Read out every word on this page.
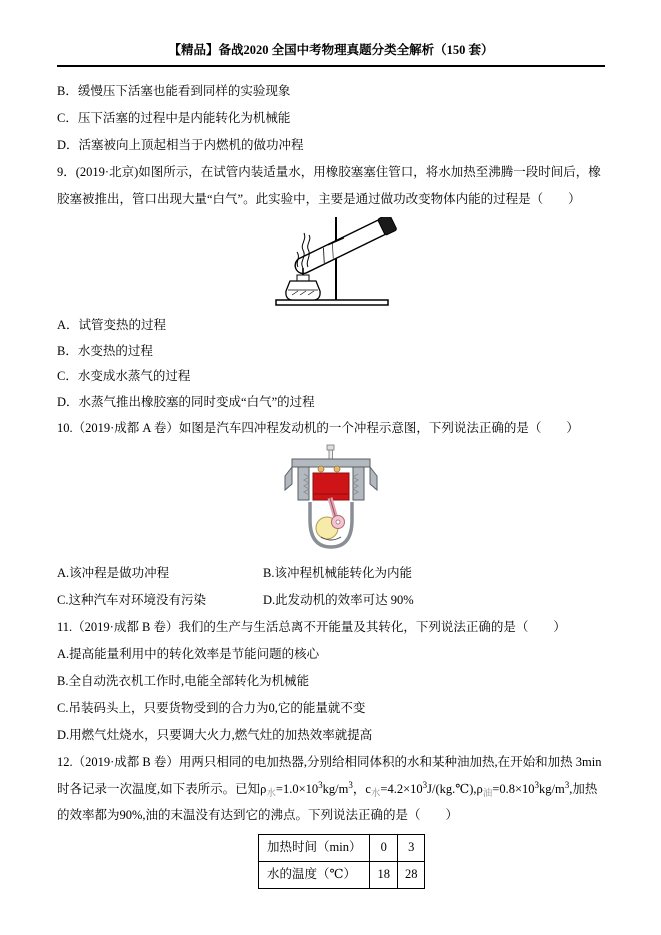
【精品】备战2020 全国中考物理真题分类全解析（150 套）

B．缓慢压下活塞也能看到同样的实验现象

C．压下活塞的过程中是内能转化为机械能

D．活塞被向上顶起相当于内燃机的做功冲程

9．(2019·北京)如图所示，在试管内装适量水，用橡胶塞塞住管口，将水加热至沸腾一段时间后，橡胶塞被推出，管口出现大量“白气”。此实验中，主要是通过做功改变物体内能的过程是（　　）

A．试管变热的过程

B．水变热的过程

C．水变成水蒸气的过程

D．水蒸气推出橡胶塞的同时变成“白气”的过程

10.（2019·成都 A 卷）如图是汽车四冲程发动机的一个冲程示意图，下列说法正确的是（　　）

A.该冲程是做功冲程	B.该冲程机械能转化为内能

C.这种汽车对环境没有污染	D.此发动机的效率可达 90%

11.（2019·成都 B 卷）我们的生产与生活总离不开能量及其转化，下列说法正确的是（　　）

A.提高能量利用中的转化效率是节能问题的核心

B.全自动洗衣机工作时,电能全部转化为机械能

C.吊装码头上，只要货物受到的合力为0,它的能量就不变

D.用燃气灶烧水，只要调大火力,燃气灶的加热效率就提高

12.（2019·成都 B 卷）用两只相同的电加热器,分别给相同体积的水和某种油加热,在开始和加热 3min 时各记录一次温度,如下表所示。已知$\rho_水=1.0\times 10^3kg/m^3$，$c_水=4.2\times 10^3J/(kg.℃),\rho_油=0.8\times 10^3kg/m^3$,加热的效率都为90%,油的末温没有达到它的沸点。下列说法正确的是（　　）

加热时间（min）	0	3
水的温度（℃）	18	28
